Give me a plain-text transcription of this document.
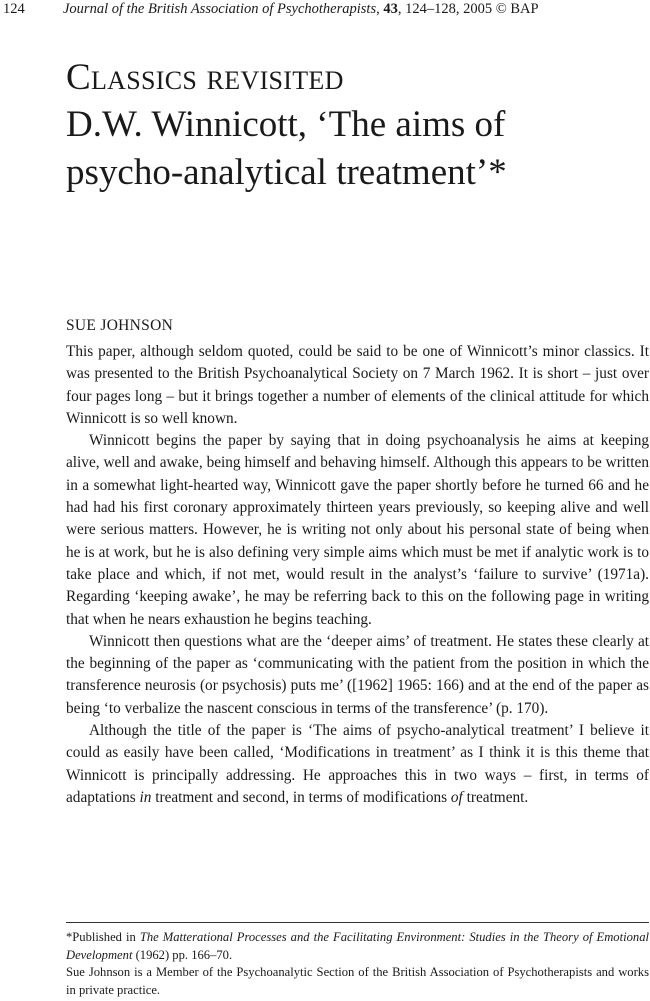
124	Journal of the British Association of Psychotherapists, 43, 124–128, 2005 © BAP
Classics revisited
D.W. Winnicott, ‘The aims of psycho-analytical treatment’*
SUE JOHNSON

This paper, although seldom quoted, could be said to be one of Winnicott’s minor classics. It was presented to the British Psychoanalytical Society on 7 March 1962. It is short – just over four pages long – but it brings together a number of elements of the clinical attitude for which Winnicott is so well known.

Winnicott begins the paper by saying that in doing psychoanalysis he aims at keeping alive, well and awake, being himself and behaving himself. Although this appears to be written in a somewhat light-hearted way, Winnicott gave the paper shortly before he turned 66 and he had had his first coronary approximately thirteen years previously, so keeping alive and well were serious matters. However, he is writing not only about his personal state of being when he is at work, but he is also defining very simple aims which must be met if analytic work is to take place and which, if not met, would result in the analyst’s ‘failure to survive’ (1971a). Regarding ‘keeping awake’, he may be referring back to this on the following page in writing that when he nears exhaustion he begins teaching.

Winnicott then questions what are the ‘deeper aims’ of treatment. He states these clearly at the beginning of the paper as ‘communicating with the patient from the position in which the transference neurosis (or psychosis) puts me’ ([1962] 1965: 166) and at the end of the paper as being ‘to verbalize the nascent conscious in terms of the transference’ (p. 170).

Although the title of the paper is ‘The aims of psycho-analytical treatment’ I believe it could as easily have been called, ‘Modifications in treatment’ as I think it is this theme that Winnicott is principally addressing. He approaches this in two ways – first, in terms of adaptations in treatment and second, in terms of modifications of treatment.

*Published in The Matterational Processes and the Facilitating Environment: Studies in the Theory of Emotional Development (1962) pp. 166–70.

Sue Johnson is a Member of the Psychoanalytic Section of the British Association of Psychotherapists and works in private practice.
